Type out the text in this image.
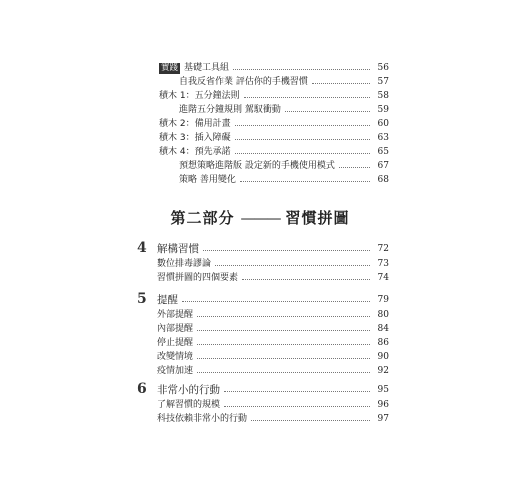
實踐 基礎工具組	56
自我反省作業 評估你的手機習慣	57
積木 1：五分鐘法則	58
進階五分鐘規則 駕馭衝動	59
積木 2：備用計畫	60
積木 3：插入障礙	63
積木 4：預先承諾	65
預想策略進階版 設定新的手機使用模式	67
策略 善用變化	68
第二部分 ——— 習慣拼圖
4 解構習慣	72
數位排毒謬論	73
習慣拼圖的四個要素	74
5 提醒	79
外部提醒	80
內部提醒	84
停止提醒	86
改變情境	90
疫情加速	92
6 非常小的行動	95
了解習慣的規模	96
科技依賴非常小的行動	97
